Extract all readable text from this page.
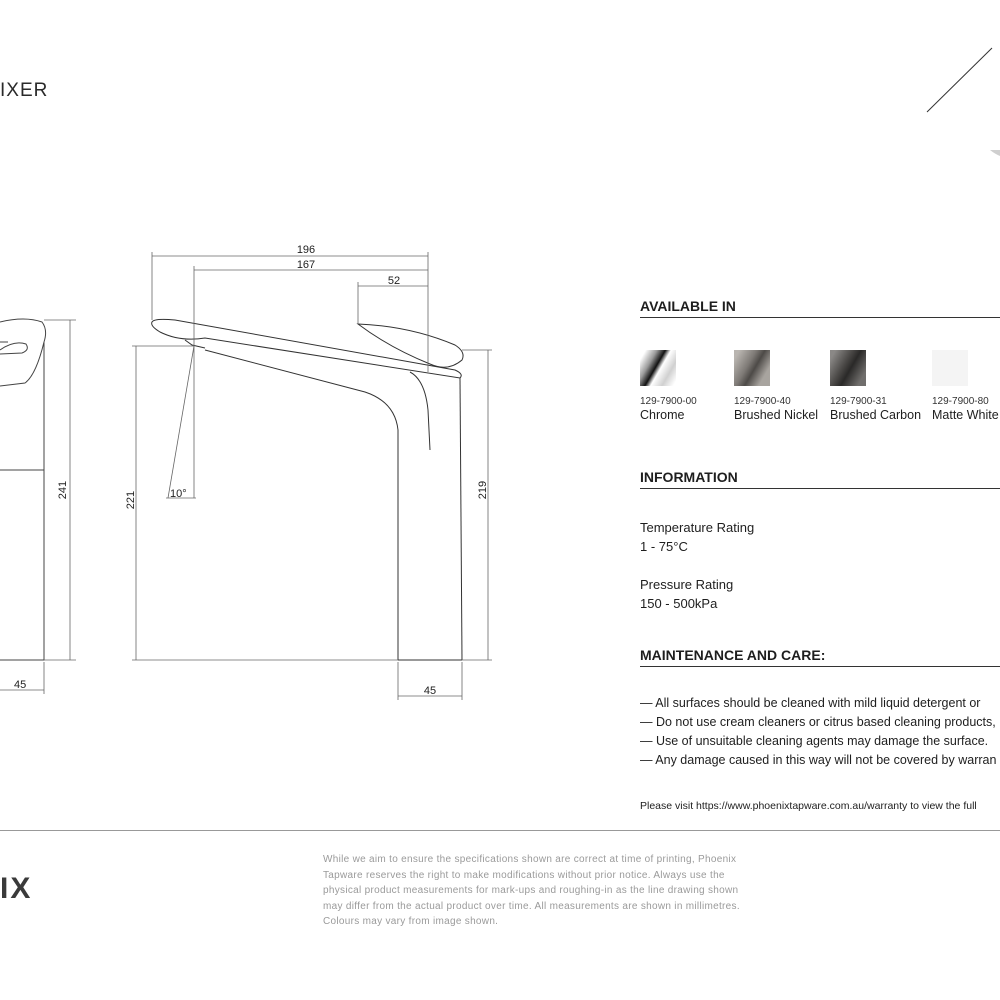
IXER
241
45
196
167
52
221
219
45
10°
AVAILABLE IN
129-7900-00
Chrome
129-7900-40
Brushed Nickel
129-7900-31
Brushed Carbon
129-7900-80
Matte White
INFORMATION
Temperature Rating
1 - 75°C
Pressure Rating
150 - 500kPa
MAINTENANCE AND CARE:
— All surfaces should be cleaned with mild liquid detergent or
— Do not use cream cleaners or citrus based cleaning products,
— Use of unsuitable cleaning agents may damage the surface.
— Any damage caused in this way will not be covered by warran
Please visit https://www.phoenixtapware.com.au/warranty to view the full
IX
While we aim to ensure the specifications shown are correct at time of printing, Phoenix Tapware reserves the right to make modifications without prior notice. Always use the physical product measurements for mark-ups and roughing-in as the line drawing shown may differ from the actual product over time. All measurements are shown in millimetres. Colours may vary from image shown.
